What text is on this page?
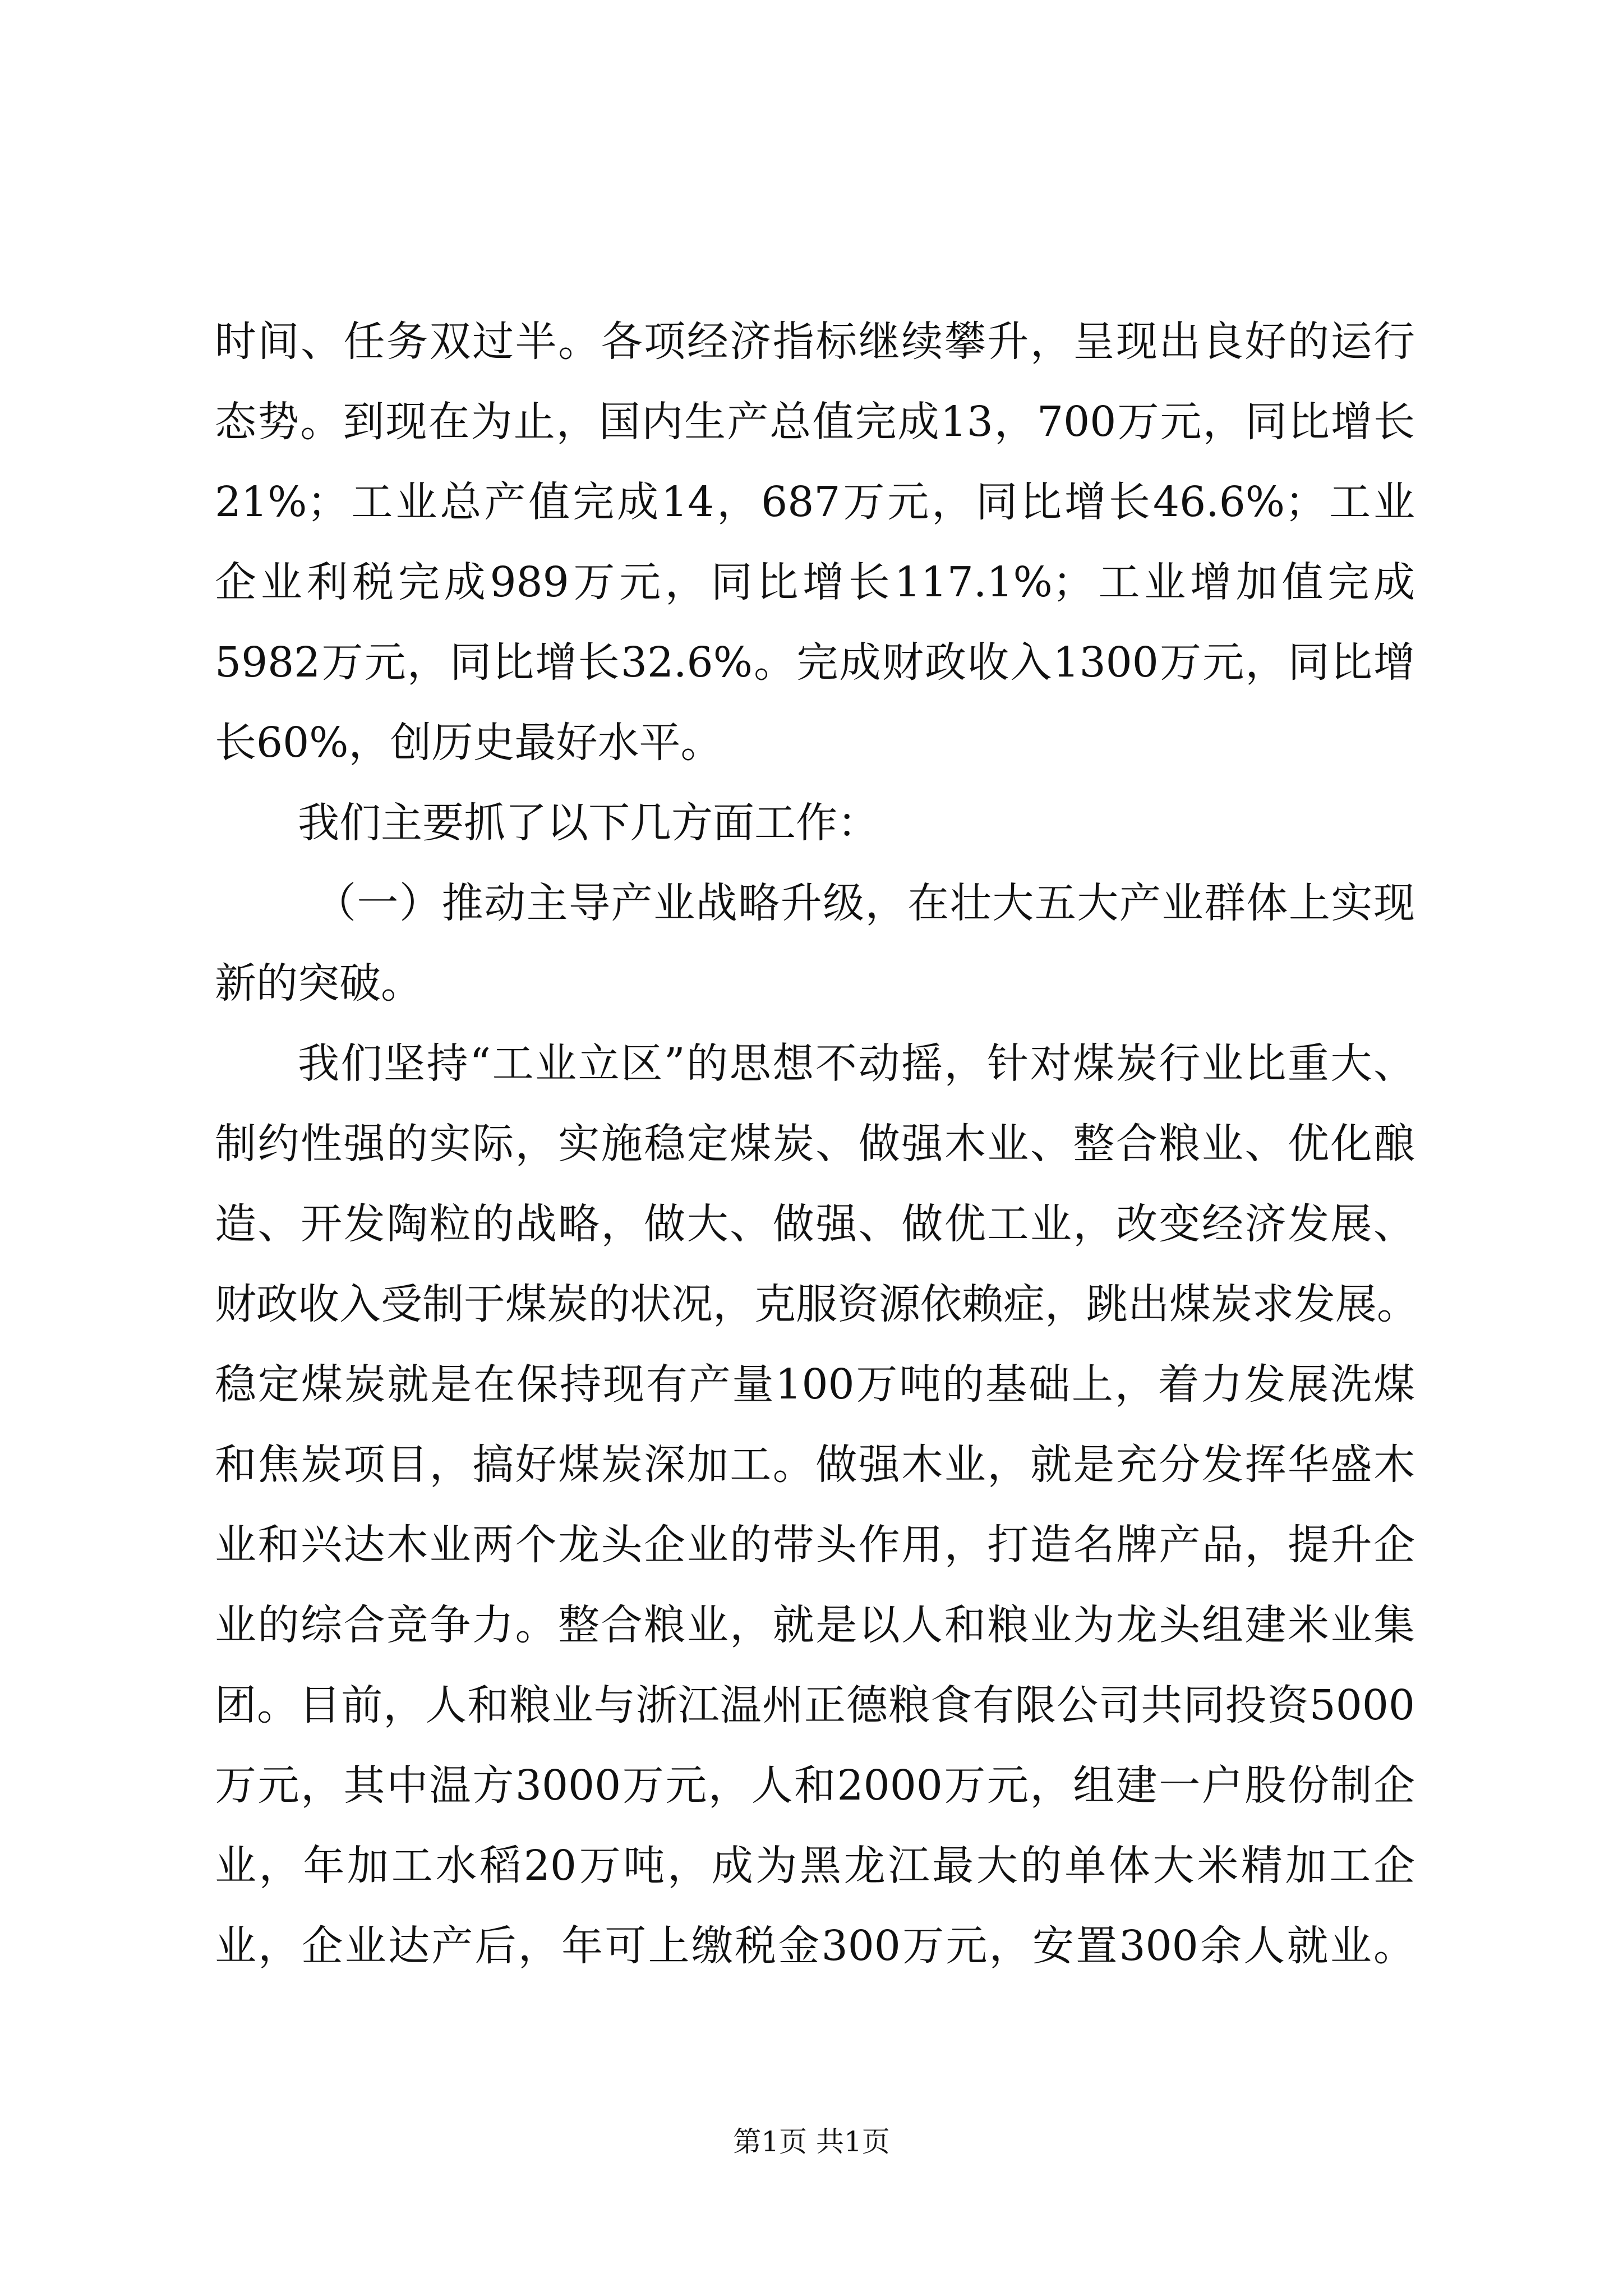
时间、任务双过半。各项经济指标继续攀升，呈现出良好的运行
态势。到现在为止，国内生产总值完成13，700万元，同比增长
21%；工业总产值完成14，687万元，同比增长46.6%；工业
企业利税完成989万元，同比增长117.1%；工业增加值完成
5982万元，同比增长32.6%。完成财政收入1300万元，同比增
长60%，创历史最好水平。
我们主要抓了以下几方面工作：
（一）推动主导产业战略升级，在壮大五大产业群体上实现
新的突破。
我们坚持“工业立区”的思想不动摇，针对煤炭行业比重大、
制约性强的实际，实施稳定煤炭、做强木业、整合粮业、优化酿
造、开发陶粒的战略，做大、做强、做优工业，改变经济发展、
财政收入受制于煤炭的状况，克服资源依赖症，跳出煤炭求发展。
稳定煤炭就是在保持现有产量100万吨的基础上，着力发展洗煤
和焦炭项目，搞好煤炭深加工。做强木业，就是充分发挥华盛木
业和兴达木业两个龙头企业的带头作用，打造名牌产品，提升企
业的综合竞争力。整合粮业，就是以人和粮业为龙头组建米业集
团。目前，人和粮业与浙江温州正德粮食有限公司共同投资5000
万元，其中温方3000万元，人和2000万元，组建一户股份制企
业，年加工水稻20万吨，成为黑龙江最大的单体大米精加工企
业，企业达产后，年可上缴税金300万元，安置300余人就业。
第1页 共1页
